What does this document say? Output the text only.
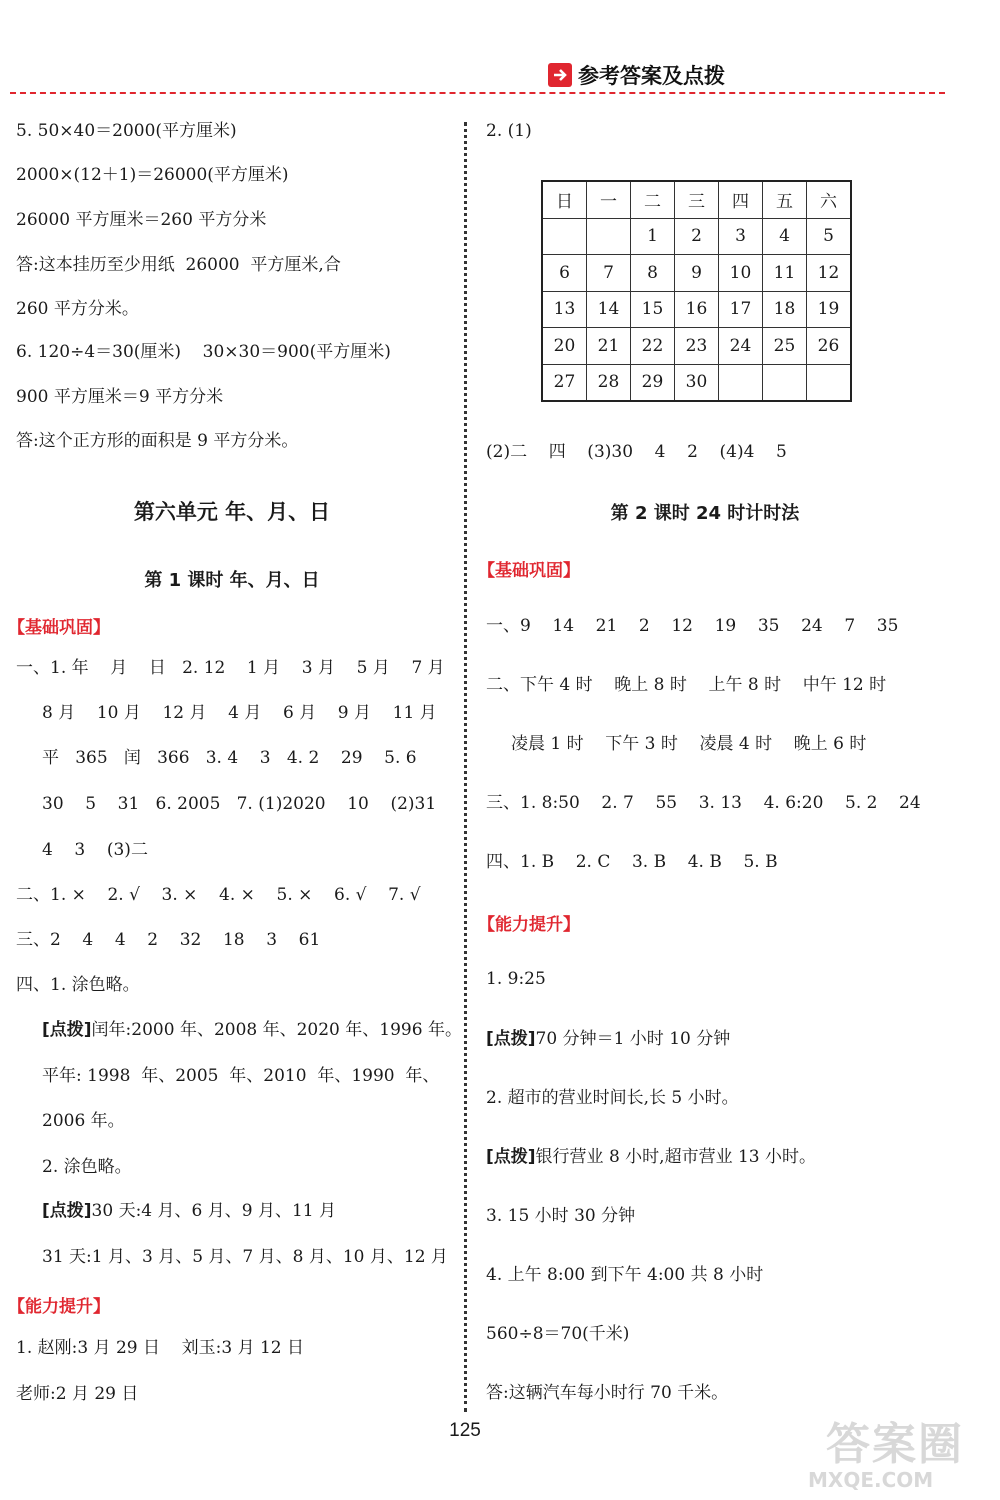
参考答案及点拨
5. 50×40＝2000(平方厘米)
2000×(12＋1)＝26000(平方厘米)
26000 平方厘米＝260 平方分米
答:这本挂历至少用纸  26000  平方厘米,合
260 平方分米。
6. 120÷4＝30(厘米)    30×30＝900(平方厘米)
900 平方厘米＝9 平方分米
答:这个正方形的面积是 9 平方分米。
第六单元 年、月、日
第 1 课时 年、月、日
【基础巩固】
一、1. 年    月    日   2. 12    1 月    3 月    5 月    7 月
8 月    10 月    12 月    4 月    6 月    9 月    11 月
平   365   闰   366   3. 4    3   4. 2    29    5. 6
30    5    31   6. 2005   7. (1)2020    10    (2)31
4    3    (3)二
二、1. ×    2. √    3. ×    4. ×    5. ×    6. √    7. √
三、2    4    4    2    32    18    3    61
四、1. 涂色略。
[点拨]闰年:2000 年、2008 年、2020 年、1996 年。
平年: 1998  年、2005  年、2010  年、1990  年、
2006 年。
2. 涂色略。
[点拨]30 天:4 月、6 月、9 月、11 月
31 天:1 月、3 月、5 月、7 月、8 月、10 月、12 月
【能力提升】
1. 赵刚:3 月 29 日    刘玉:3 月 12 日
老师:2 月 29 日
2. (1)
日	一	二	三	四	五	六
		1	2	3	4	5
6	7	8	9	10	11	12
13	14	15	16	17	18	19
20	21	22	23	24	25	26
27	28	29	30			
(2)二    四    (3)30    4    2    (4)4    5
第 2 课时 24 时计时法
【基础巩固】
一、9    14    21    2    12    19    35    24    7    35
二、下午 4 时    晚上 8 时    上午 8 时    中午 12 时
凌晨 1 时    下午 3 时    凌晨 4 时    晚上 6 时
三、1. 8:50    2. 7    55    3. 13    4. 6:20    5. 2    24
四、1. B    2. C    3. B    4. B    5. B
【能力提升】
1. 9:25
[点拨]70 分钟＝1 小时 10 分钟
2. 超市的营业时间长,长 5 小时。
[点拨]银行营业 8 小时,超市营业 13 小时。
3. 15 小时 30 分钟
4. 上午 8:00 到下午 4:00 共 8 小时
560÷8＝70(千米)
答:这辆汽车每小时行 70 千米。
125	答案圈
MXQE.COM
